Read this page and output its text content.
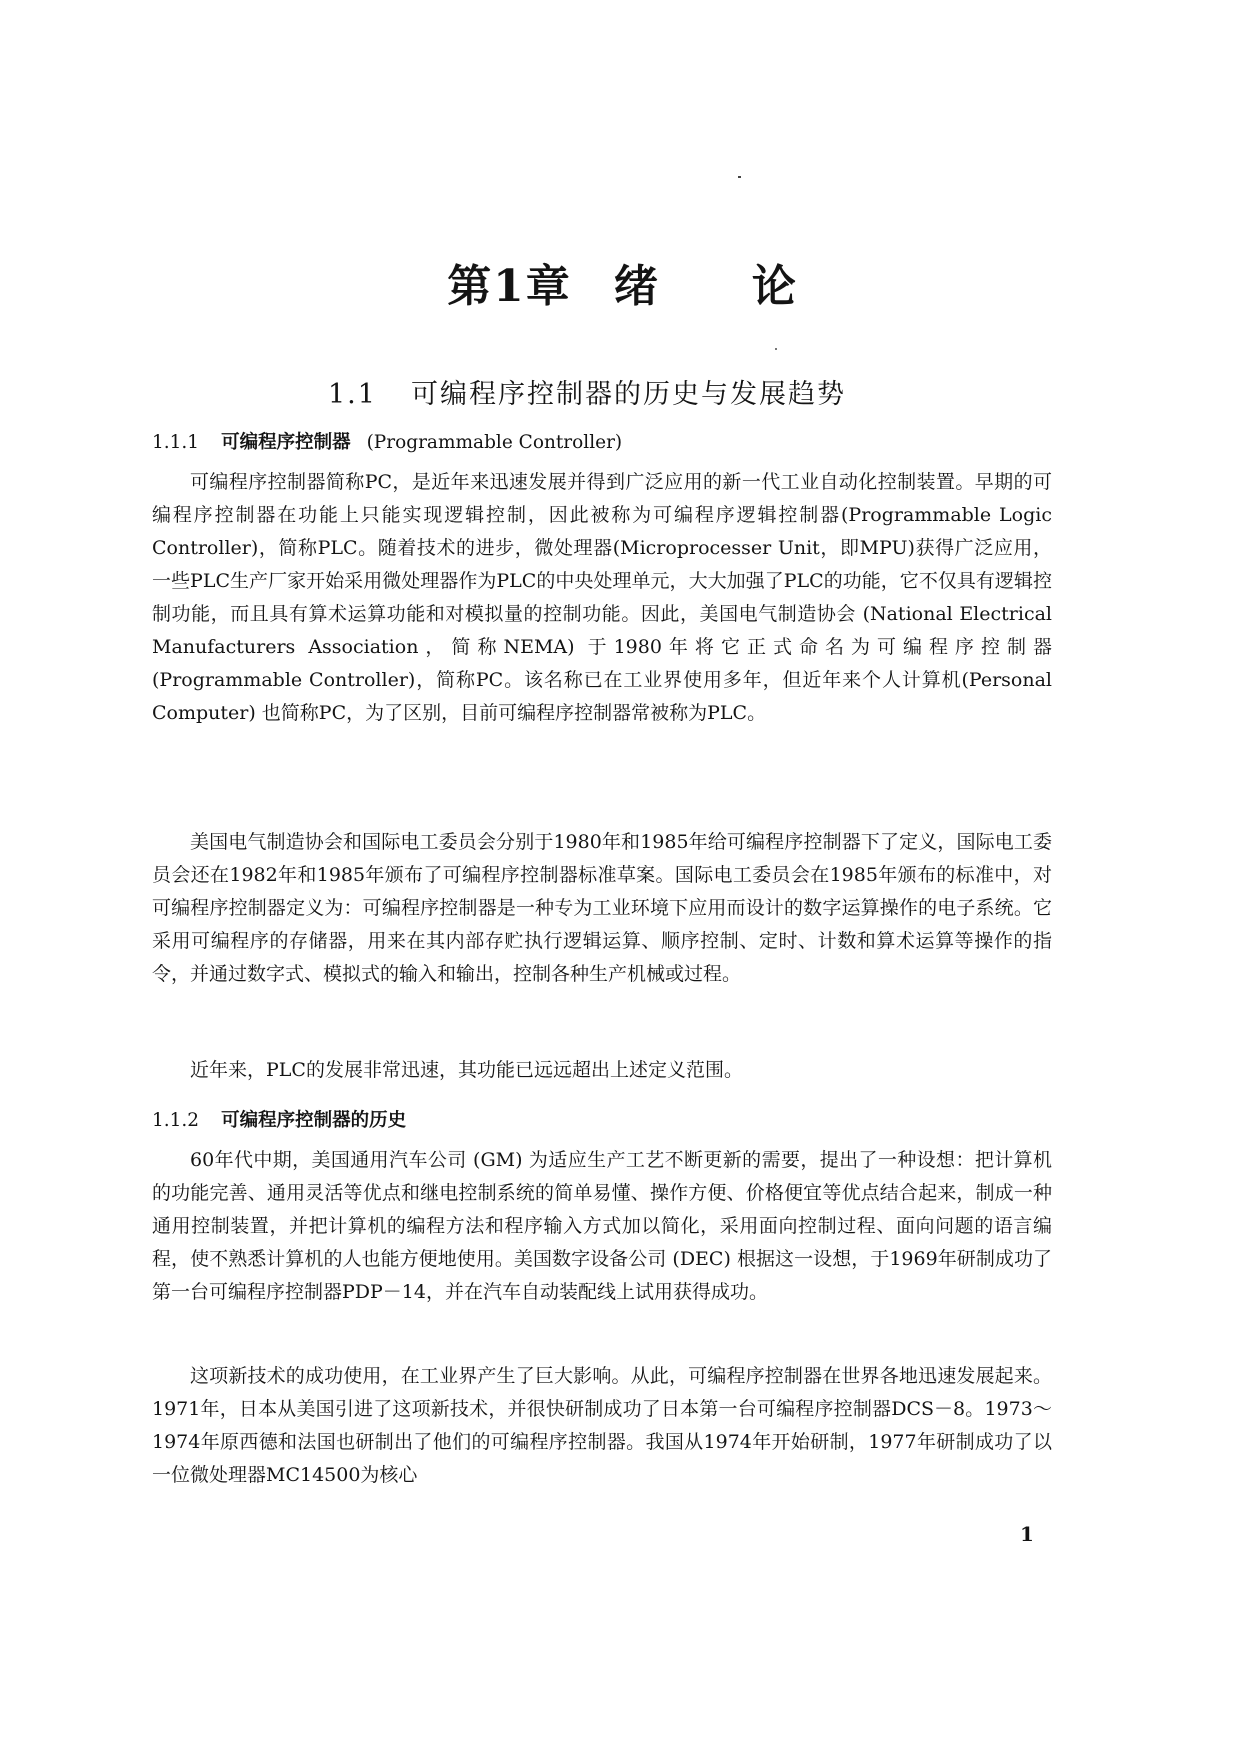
第1章 绪 论
1.1 可编程序控制器的历史与发展趋势
1.1.1 可编程序控制器 (Programmable Controller)

可编程序控制器简称PC，是近年来迅速发展并得到广泛应用的新一代工业自动化控制装置。早期的可编程序控制器在功能上只能实现逻辑控制，因此被称为可编程序逻辑控制器(Programmable Logic Controller)，简称PLC。随着技术的进步，微处理器(Microprocesser Unit，即MPU)获得广泛应用，一些PLC生产厂家开始采用微处理器作为PLC的中央处理单元，大大加强了PLC的功能，它不仅具有逻辑控制功能，而且具有算术运算功能和对模拟量的控制功能。因此，美国电气制造协会 (National Electrical Manufacturers Association，简称NEMA) 于1980年将它正式命名为可编程序控制器 (Programmable Controller)，简称PC。该名称已在工业界使用多年，但近年来个人计算机(Personal Computer) 也简称PC，为了区别，目前可编程序控制器常被称为PLC。

美国电气制造协会和国际电工委员会分别于1980年和1985年给可编程序控制器下了定义，国际电工委员会还在1982年和1985年颁布了可编程序控制器标准草案。国际电工委员会在1985年颁布的标准中，对可编程序控制器定义为：可编程序控制器是一种专为工业环境下应用而设计的数字运算操作的电子系统。它采用可编程序的存储器，用来在其内部存贮执行逻辑运算、顺序控制、定时、计数和算术运算等操作的指令，并通过数字式、模拟式的输入和输出，控制各种生产机械或过程。

近年来，PLC的发展非常迅速，其功能已远远超出上述定义范围。

1.1.2 可编程序控制器的历史

60年代中期，美国通用汽车公司 (GM) 为适应生产工艺不断更新的需要，提出了一种设想：把计算机的功能完善、通用灵活等优点和继电控制系统的简单易懂、操作方便、价格便宜等优点结合起来，制成一种通用控制装置，并把计算机的编程方法和程序输入方式加以简化，采用面向控制过程、面向问题的语言编程，使不熟悉计算机的人也能方便地使用。美国数字设备公司 (DEC) 根据这一设想，于1969年研制成功了第一台可编程序控制器PDP－14，并在汽车自动装配线上试用获得成功。

这项新技术的成功使用，在工业界产生了巨大影响。从此，可编程序控制器在世界各地迅速发展起来。1971年，日本从美国引进了这项新技术，并很快研制成功了日本第一台可编程序控制器DCS－8。1973～1974年原西德和法国也研制出了他们的可编程序控制器。我国从1974年开始研制，1977年研制成功了以一位微处理器MC14500为核心

1
